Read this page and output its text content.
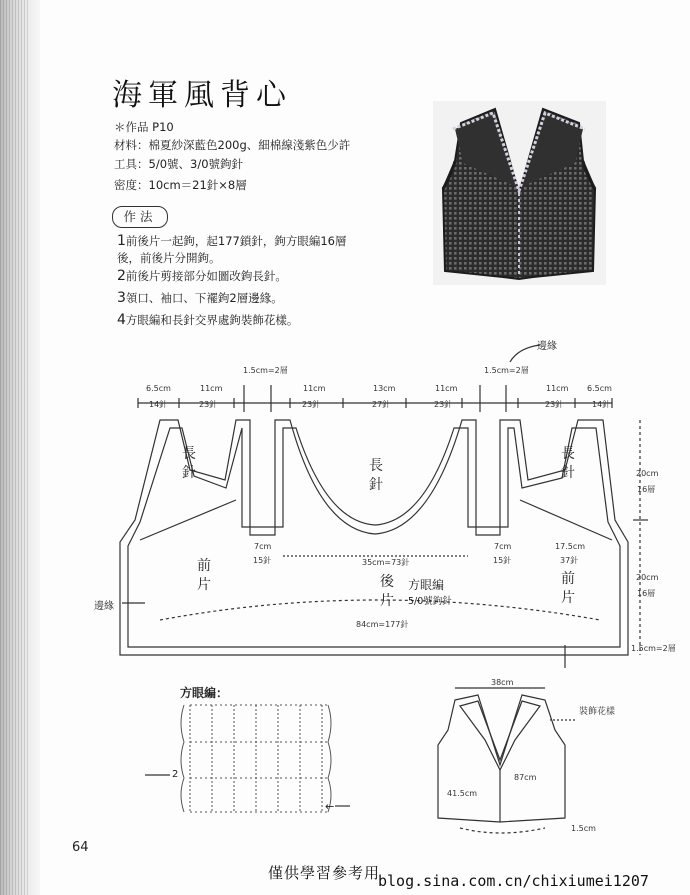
海軍風背心
＊作品 P10
材料：棉夏紗深藍色200g、細棉線淺紫色少許
工具：5/0號、3/0號鉤針
密度：10cm＝21針×8層
作法
1前後片一起鉤，起177鎖針，鉤方眼編16層
後，前後片分開鉤。
2前後片剪接部分如圖改鉤長針。
3領口、袖口、下襬鉤2層邊緣。
4方眼編和長針交界處鉤裝飾花樣。
6.5cm
14針
11cm
23針
1.5cm=2層
11cm
23針
13cm
27針
11cm
23針
1.5cm=2層
11cm
23針
6.5cm
14針
邊緣
邊緣
20cm
16層
20cm
16層
1.5cm=2層
7cm
15針	35cm=73針
7cm
15針
17.5cm
37針
84cm=177針
長
針	長
針
長
針
前
片	後
片
前
片
方眼編
5/0號鉤針
方眼編：
2
←
38cm
裝飾花樣
87cm
41.5cm
1.5cm
64
僅供學習參考用
blog.sina.com.cn/chixiumei1207
